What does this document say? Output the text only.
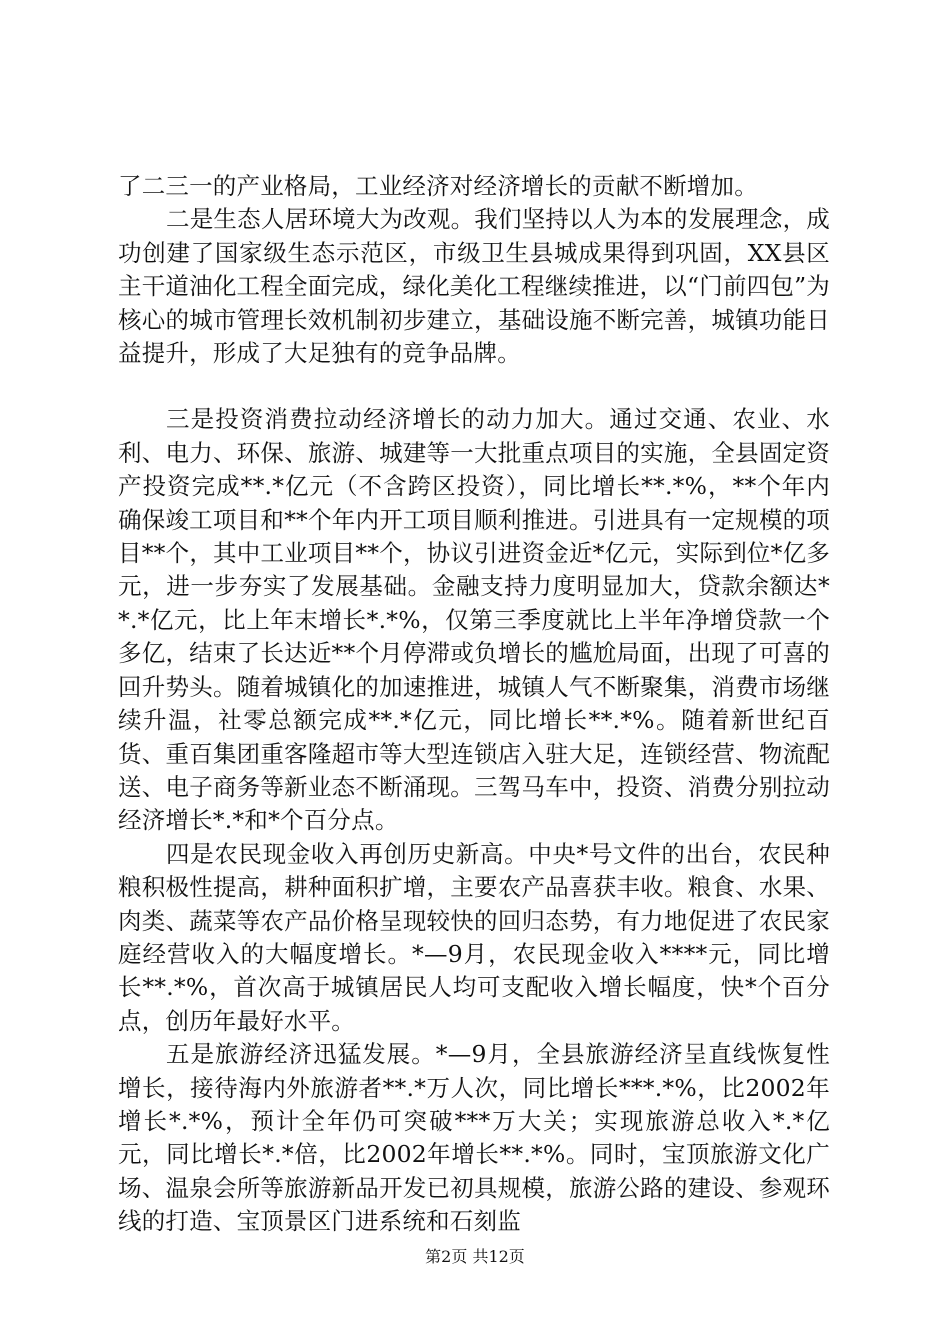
了二三一的产业格局，工业经济对经济增长的贡献不断增加。

二是生态人居环境大为改观。我们坚持以人为本的发展理念，成功创建了国家级生态示范区，市级卫生县城成果得到巩固，XX县区主干道油化工程全面完成，绿化美化工程继续推进，以“门前四包”为核心的城市管理长效机制初步建立，基础设施不断完善，城镇功能日益提升，形成了大足独有的竞争品牌。

三是投资消费拉动经济增长的动力加大。通过交通、农业、水利、电力、环保、旅游、城建等一大批重点项目的实施，全县固定资产投资完成**.*亿元（不含跨区投资），同比增长**.*%，**个年内确保竣工项目和**个年内开工项目顺利推进。引进具有一定规模的项目**个，其中工业项目**个，协议引进资金近*亿元，实际到位*亿多元，进一步夯实了发展基础。金融支持力度明显加大，贷款余额达**.*亿元，比上年末增长*.*%，仅第三季度就比上半年净增贷款一个多亿，结束了长达近**个月停滞或负增长的尴尬局面，出现了可喜的回升势头。随着城镇化的加速推进，城镇人气不断聚集，消费市场继续升温，社零总额完成**.*亿元，同比增长**.*%。随着新世纪百货、重百集团重客隆超市等大型连锁店入驻大足，连锁经营、物流配送、电子商务等新业态不断涌现。三驾马车中，投资、消费分别拉动经济增长*.*和*个百分点。

四是农民现金收入再创历史新高。中央*号文件的出台，农民种粮积极性提高，耕种面积扩增，主要农产品喜获丰收。粮食、水果、肉类、蔬菜等农产品价格呈现较快的回归态势，有力地促进了农民家庭经营收入的大幅度增长。*—9月，农民现金收入****元，同比增长**.*%，首次高于城镇居民人均可支配收入增长幅度，快*个百分点，创历年最好水平。

五是旅游经济迅猛发展。*—9月，全县旅游经济呈直线恢复性增长，接待海内外旅游者**.*万人次，同比增长***.*%，比2002年增长*.*%，预计全年仍可突破***万大关；实现旅游总收入*.*亿元，同比增长*.*倍，比2002年增长**.*%。同时，宝顶旅游文化广场、温泉会所等旅游新品开发已初具规模，旅游公路的建设、参观环线的打造、宝顶景区门进系统和石刻监

第2页 共12页
